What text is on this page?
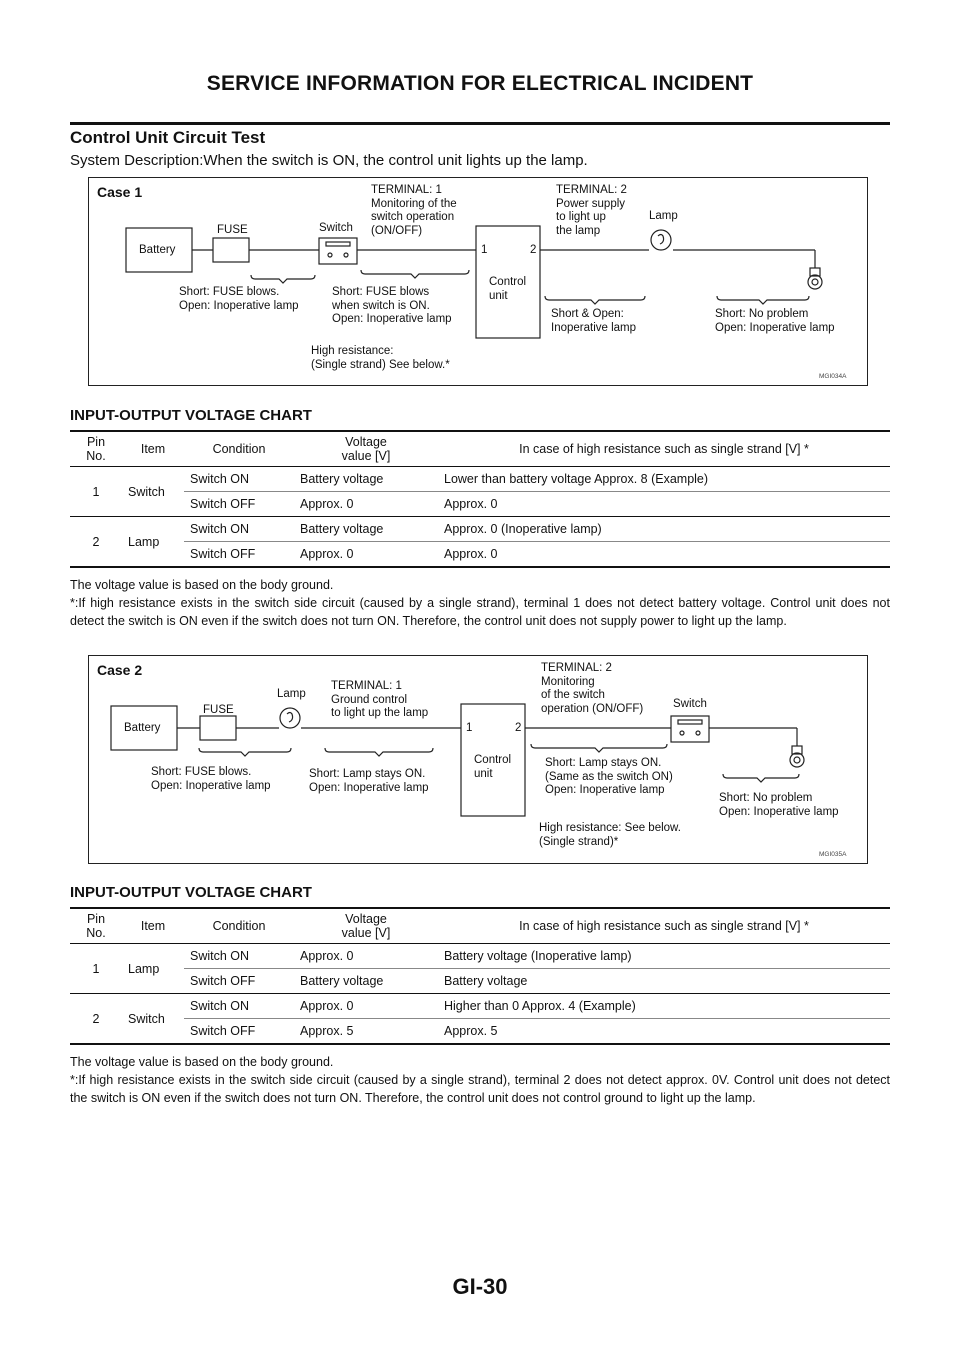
SERVICE INFORMATION FOR ELECTRICAL INCIDENT
Control Unit Circuit Test
System Description:When the switch is ON, the control unit lights up the lamp.
Case 1
Battery
FUSE	Switch
TERMINAL: 1
Monitoring of the
switch operation
(ON/OFF)
1	2
Control
unit
TERMINAL: 2
Power supply
to light up
the lamp
Lamp
Short: FUSE blows.
Open: Inoperative lamp
Short: FUSE blows
when switch is ON.
Open: Inoperative lamp	Short & Open:
Inoperative lamp
Short: No problem
Open: Inoperative lamp
High resistance:
(Single strand) See below.*
MGI034A
INPUT-OUTPUT VOLTAGE CHART
Pin
No.	Item	Condition	Voltage
value [V]	In case of high resistance such as single strand [V] *
1	Switch	Switch ON	Battery voltage	Lower than battery voltage Approx. 8 (Example)
		Switch OFF	Approx. 0	Approx. 0
2	Lamp	Switch ON	Battery voltage	Approx. 0 (Inoperative lamp)
		Switch OFF	Approx. 0	Approx. 0
The voltage value is based on the body ground.
*:If high resistance exists in the switch side circuit (caused by a single strand), terminal 1 does not detect battery voltage. Control unit does not detect the switch is ON even if the switch does not turn ON. Therefore, the control unit does not supply power to light up the lamp.
Case 2
Battery
FUSE
Lamp
TERMINAL: 1
Ground control
to light up the lamp
1	2
Control
unit
TERMINAL: 2
Monitoring
of the switch
operation (ON/OFF)	Switch
Short: FUSE blows.
Open: Inoperative lamp
Short: Lamp stays ON.
Open: Inoperative lamp
Short: Lamp stays ON.
(Same as the switch ON)
Open: Inoperative lamp
Short: No problem
Open: Inoperative lamp
High resistance: See below.
(Single strand)*
MGI035A
INPUT-OUTPUT VOLTAGE CHART
Pin
No.	Item	Condition	Voltage
value [V]	In case of high resistance such as single strand [V] *
1	Lamp	Switch ON	Approx. 0	Battery voltage (Inoperative lamp)
		Switch OFF	Battery voltage	Battery voltage
2	Switch	Switch ON	Approx. 0	Higher than 0 Approx. 4 (Example)
		Switch OFF	Approx. 5	Approx. 5
The voltage value is based on the body ground.
*:If high resistance exists in the switch side circuit (caused by a single strand), terminal 2 does not detect approx. 0V. Control unit does not detect the switch is ON even if the switch does not turn ON. Therefore, the control unit does not control ground to light up the lamp.
GI-30
